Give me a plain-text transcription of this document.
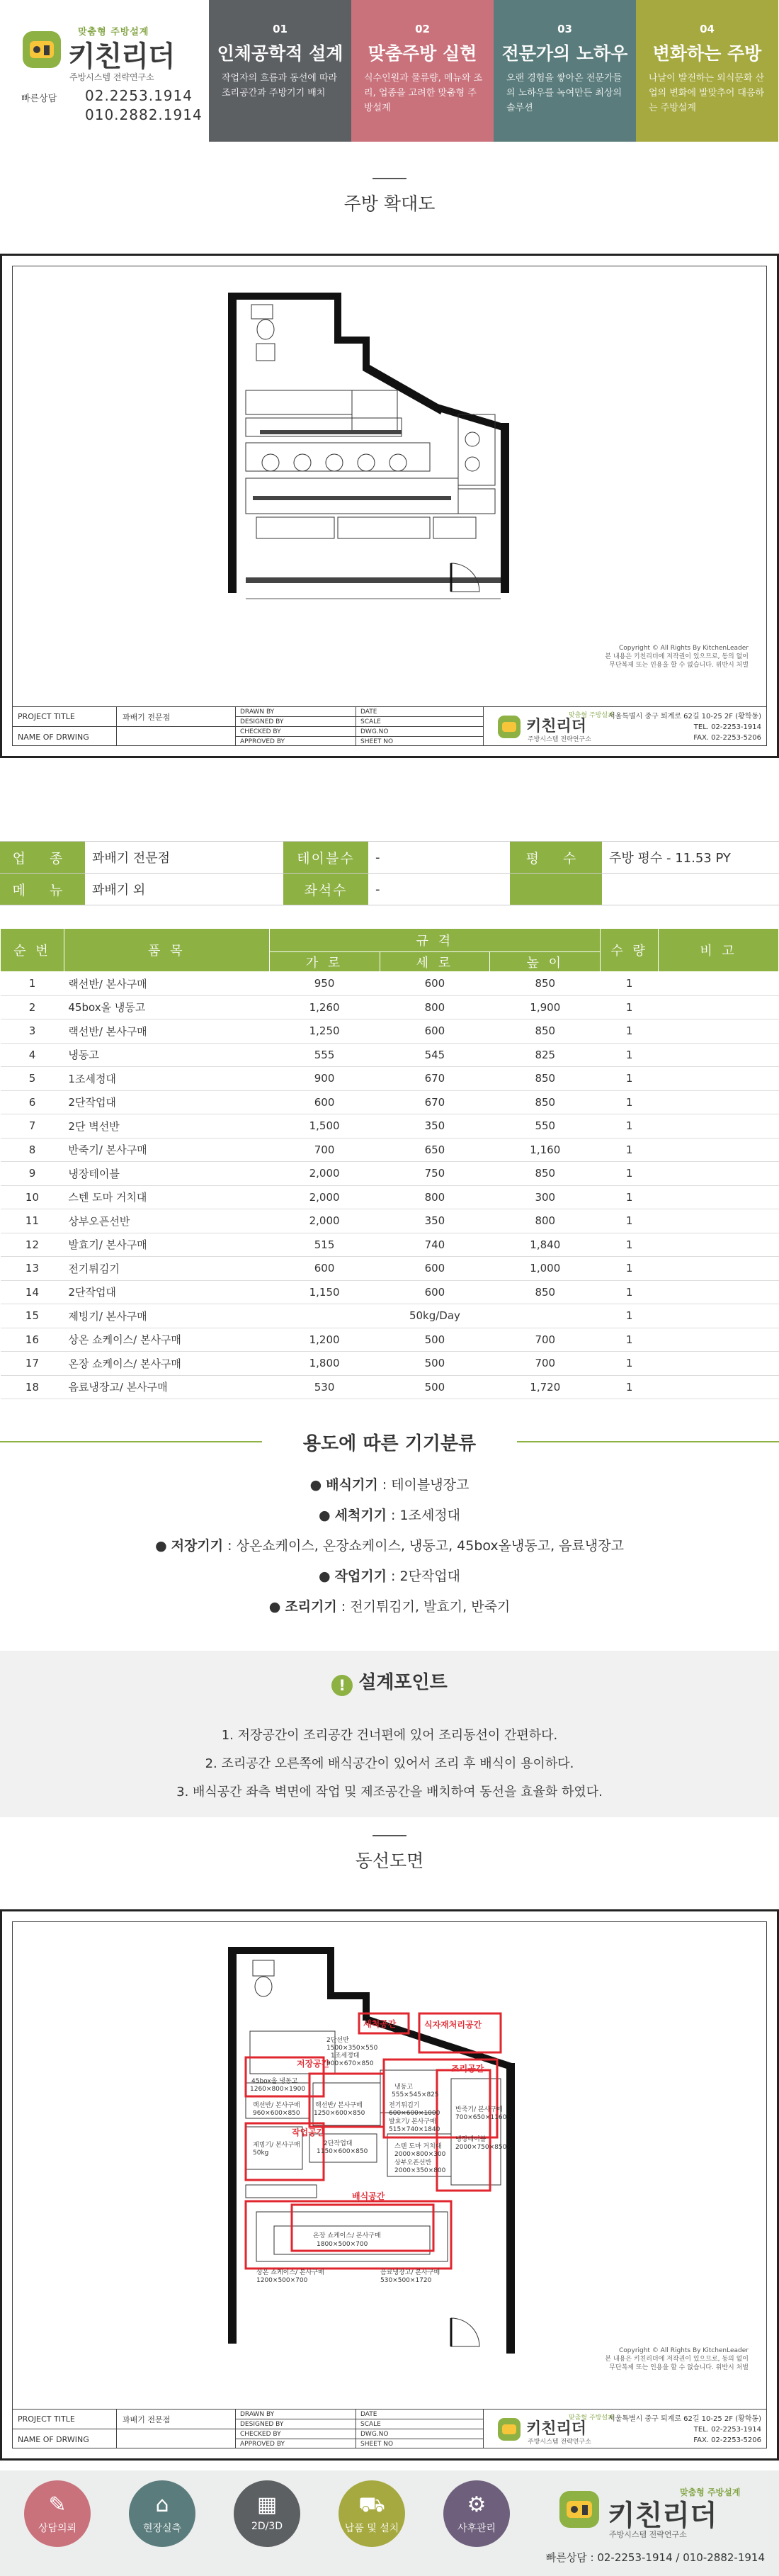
맞춤형 주방설계
키친리더
주방시스템 전략연구소
빠른상담 02.2253.1914
010.2882.1914
01
인체공학적 설계
작업자의 흐름과 동선에 따라 조리공간과 주방기기 배치
02
맞춤주방 실현
식수인원과 물류량, 메뉴와 조리, 업종을 고려한 맞춤형 주방설계
03
전문가의 노하우
오랜 경험을 쌓아온 전문가들의 노하우를 녹여만든 최상의 솔루션
04
변화하는 주방
나날이 발전하는 외식문화 산업의 변화에 발맞추어 대응하는 주방설계
주방 확대도
Copyright © All Rights By KitchenLeader
본 내용은 키친리더에 저작권이 있으므로, 동의 없이
무단복제 또는 인용을 할 수 없습니다. 위반시 처벌
PROJECT TITLE
NAME OF DRWING
꽈배기 전문점
DRAWN BY
DESIGNED BY
CHECKED BY
APPROVED BY
DATE
SCALE
DWG.NO
SHEET NO
키친리더
맞춤형 주방설계
주방시스템 전략연구소
서울특별시 중구 퇴계로 62길 10-25 2F (황학동)
TEL. 02-2253-1914
FAX. 02-2253-5206
업 종	꽈배기 전문점	테이블수	-	평 수	주방 평수 - 11.53 PY
메 뉴	꽈배기 외	좌석수	-
순 번	품 목	규 격			수 량	비 고
		가 로	세 로	높 이		
1	랙선반/ 본사구매	950	600	850	1	
2	45box올 냉동고	1,260	800	1,900	1	
3	랙선반/ 본사구매	1,250	600	850	1	
4	냉동고	555	545	825	1	
5	1조세정대	900	670	850	1	
6	2단작업대	600	670	850	1	
7	2단 벽선반	1,500	350	550	1	
8	반죽기/ 본사구매	700	650	1,160	1	
9	냉장테이블	2,000	750	850	1	
10	스텐 도마 거치대	2,000	800	300	1	
11	상부오픈선반	2,000	350	800	1	
12	발효기/ 본사구매	515	740	1,840	1	
13	전기튀김기	600	600	1,000	1	
14	2단작업대	1,150	600	850	1	
15	제빙기/ 본사구매	50kg/Day			1	
16	상온 쇼케이스/ 본사구매	1,200	500	700	1	
17	온장 쇼케이스/ 본사구매	1,800	500	700	1	
18	음료냉장고/ 본사구매	530	500	1,720	1	
용도에 따른 기기분류
● 배식기기 : 테이블냉장고
● 세척기기 : 1조세정대
● 저장기기 : 상온쇼케이스, 온장쇼케이스, 냉동고, 45box올냉동고, 음료냉장고
● 작업기기 : 2단작업대
● 조리기기 : 전기튀김기, 발효기, 반죽기
! 설계포인트
1. 저장공간이 조리공간 건너편에 있어 조리동선이 간편하다.
2. 조리공간 오른쪽에 배식공간이 있어서 조리 후 배식이 용이하다.
3. 배식공간 좌측 벽면에 작업 및 제조공간을 배치하여 동선을 효율화 하였다.
동선도면
세척공간	식자재처리공간
저장공간
작업공간
조리공간
배식공간
2단선반
1500×350×550
1조세정대
900×670×850
45box올 냉동고
1260×800×1900
랙선반/ 본사구매
960×600×850
랙선반/ 본사구매
1250×600×850
냉동고
555×545×825
전기튀김기
600×600×1000
발효기/ 본사구매
515×740×1840
반죽기/ 본사구매
700×650×1160
냉장테이블
2000×750×850
제빙기/ 본사구매
50kg
2단작업대
1150×600×850
스텐 도마 거치대
2000×800×300
상부오픈선반
2000×350×800
온장 쇼케이스/ 본사구매
1800×500×700
상온 쇼케이스/ 본사구매
1200×500×700
음료냉장고/ 본사구매
530×500×1720
Copyright © All Rights By KitchenLeader
본 내용은 키친리더에 저작권이 있으므로, 동의 없이
무단복제 또는 인용을 할 수 없습니다. 위반시 처벌
PROJECT TITLE
NAME OF DRWING
꽈배기 전문점
DRAWN BY
DESIGNED BY
CHECKED BY
APPROVED BY
DATE
SCALE
DWG.NO
SHEET NO
키친리더
맞춤형 주방설계
주방시스템 전략연구소
서울특별시 중구 퇴계로 62길 10-25 2F (황학동)
TEL. 02-2253-1914
FAX. 02-2253-5206
✎
상담의뢰
⌂
현장실측
▦
2D/3D
⛟
납품 및 설치
⚙
사후관리
맞춤형 주방설계
키친리더
주방시스템 전략연구소
빠른상담 : 02-2253-1914 / 010-2882-1914
